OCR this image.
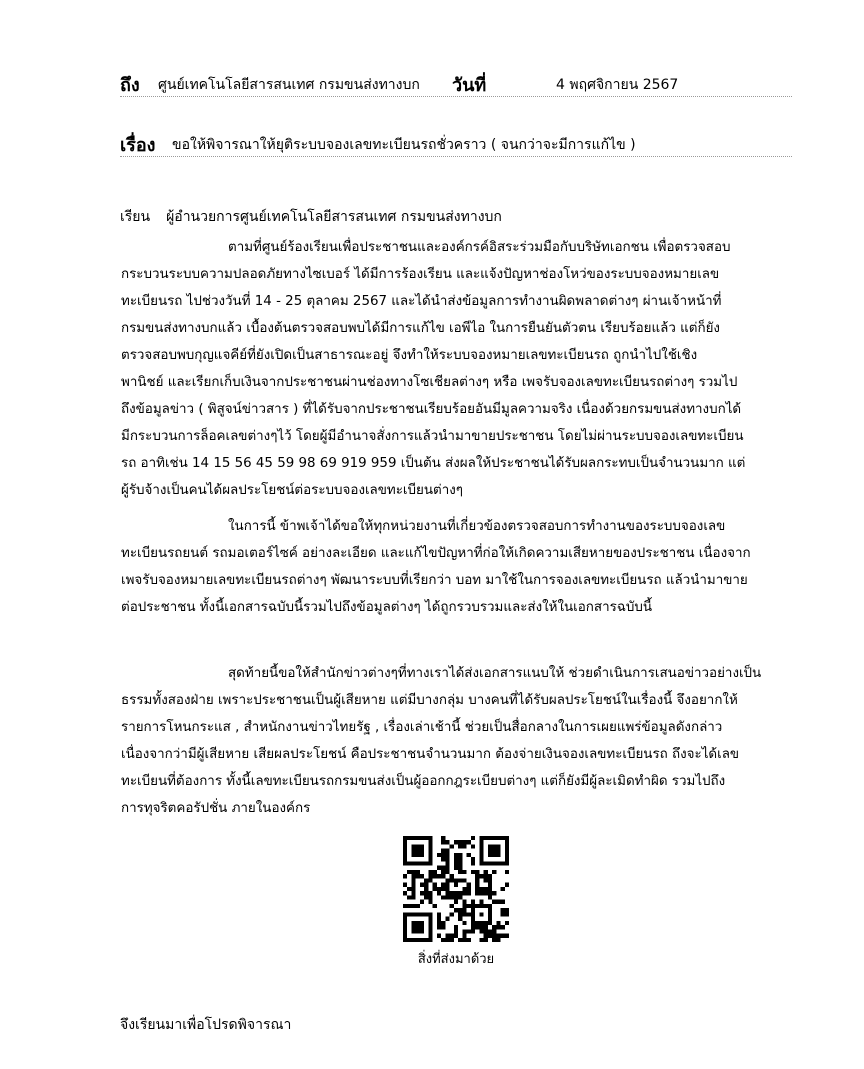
ถึง ศูนย์เทคโนโลยีสารสนเทศ กรมขนส่งทางบก วันที่	4 พฤศจิกายน 2567
เรื่อง ขอให้พิจารณาให้ยุติระบบจองเลขทะเบียนรถชั่วคราว ( จนกว่าจะมีการแก้ไข )
เรียน ผู้อำนวยการศูนย์เทคโนโลยีสารสนเทศ กรมขนส่งทางบก
ตามที่ศูนย์ร้องเรียนเพื่อประชาชนและองค์กรค์อิสระร่วมมือกับบริษัทเอกชน เพื่อตรวจสอบ
กระบวนระบบความปลอดภัยทางไซเบอร์ ได้มีการร้องเรียน และแจ้งปัญหาช่องโหว่ของระบบจองหมายเลข
ทะเบียนรถ ไปช่วงวันที่ 14 - 25 ตุลาคม 2567 และได้นำส่งข้อมูลการทำงานผิดพลาดต่างๆ ผ่านเจ้าหน้าที่
กรมขนส่งทางบกแล้ว เบื้องต้นตรวจสอบพบได้มีการแก้ไข เอพีไอ ในการยืนยันตัวตน เรียบร้อยแล้ว แต่ก็ยัง
ตรวจสอบพบกุญแจคีย์ที่ยังเปิดเป็นสาธารณะอยู่ จึงทำให้ระบบจองหมายเลขทะเบียนรถ ถูกนำไปใช้เชิง
พานิชย์ และเรียกเก็บเงินจากประชาชนผ่านช่องทางโซเชียลต่างๆ หรือ เพจรับจองเลขทะเบียนรถต่างๆ รวมไป
ถึงข้อมูลข่าว ( พิสูจน์ข่าวสาร ) ที่ได้รับจากประชาชนเรียบร้อยอันมีมูลความจริง เนื่องด้วยกรมขนส่งทางบกได้
มีกระบวนการล็อคเลขต่างๆไว้ โดยผู้มีอำนาจสั่งการแล้วนำมาขายประชาชน โดยไม่ผ่านระบบจองเลขทะเบียน
รถ อาทิเช่น 14 15 56 45 59 98 69 919 959 เป็นต้น ส่งผลให้ประชาชนได้รับผลกระทบเป็นจำนวนมาก แต่
ผู้รับจ้างเป็นคนได้ผลประโยชน์ต่อระบบจองเลขทะเบียนต่างๆ
ในการนี้ ข้าพเจ้าได้ขอให้ทุกหน่วยงานที่เกี่ยวข้องตรวจสอบการทำงานของระบบจองเลข
ทะเบียนรถยนต์ รถมอเตอร์ไซค์ อย่างละเอียด และแก้ไขปัญหาที่ก่อให้เกิดความเสียหายของประชาชน เนื่องจาก
เพจรับจองหมายเลขทะเบียนรถต่างๆ พัฒนาระบบที่เรียกว่า บอท มาใช้ในการจองเลขทะเบียนรถ แล้วนำมาขาย
ต่อประชาชน ทั้งนี้เอกสารฉบับนี้รวมไปถึงข้อมูลต่างๆ ได้ถูกรวบรวมและส่งให้ในเอกสารฉบับนี้
สุดท้ายนี้ขอให้สำนักข่าวต่างๆที่ทางเราได้ส่งเอกสารแนบให้ ช่วยดำเนินการเสนอข่าวอย่างเป็น
ธรรมทั้งสองฝ่าย เพราะประชาชนเป็นผู้เสียหาย แต่มีบางกลุ่ม บางคนที่ได้รับผลประโยชน์ในเรื่องนี้ จึงอยากให้
รายการโหนกระแส , สำหนักงานข่าวไทยรัฐ , เรื่องเล่าเช้านี้ ช่วยเป็นสื่อกลางในการเผยแพร่ข้อมูลดังกล่าว
เนื่องจากว่ามีผู้เสียหาย เสียผลประโยชน์ คือประชาชนจำนวนมาก ต้องจ่ายเงินจองเลขทะเบียนรถ ถึงจะได้เลข
ทะเบียนที่ต้องการ ทั้งนี้เลขทะเบียนรถกรมขนส่งเป็นผู้ออกกฎระเบียบต่างๆ แต่ก็ยังมีผู้ละเมิดทำผิด รวมไปถึง
การทุจริตคอรัปชั่น ภายในองค์กร
สิ่งที่ส่งมาด้วย
จึงเรียนมาเพื่อโปรดพิจารณา
